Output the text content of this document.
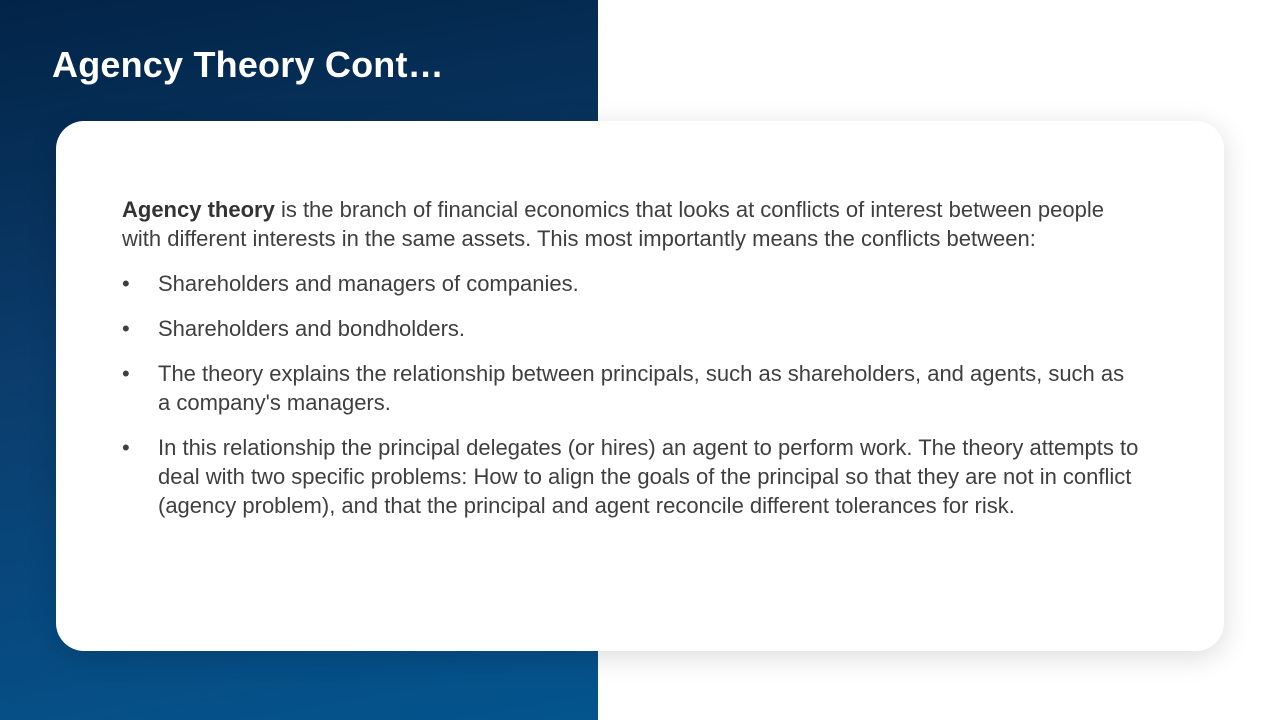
Agency Theory Cont…

Agency theory is the branch of financial economics that looks at conflicts of interest between people with different interests in the same assets. This most importantly means the conflicts between:

•	Shareholders and managers of companies.
•	Shareholders and bondholders.
•	The theory explains the relationship between principals, such as shareholders, and agents, such as a company's managers.
•	In this relationship the principal delegates (or hires) an agent to perform work. The theory attempts to deal with two specific problems: How to align the goals of the principal so that they are not in conflict (agency problem), and that the principal and agent reconcile different tolerances for risk.
